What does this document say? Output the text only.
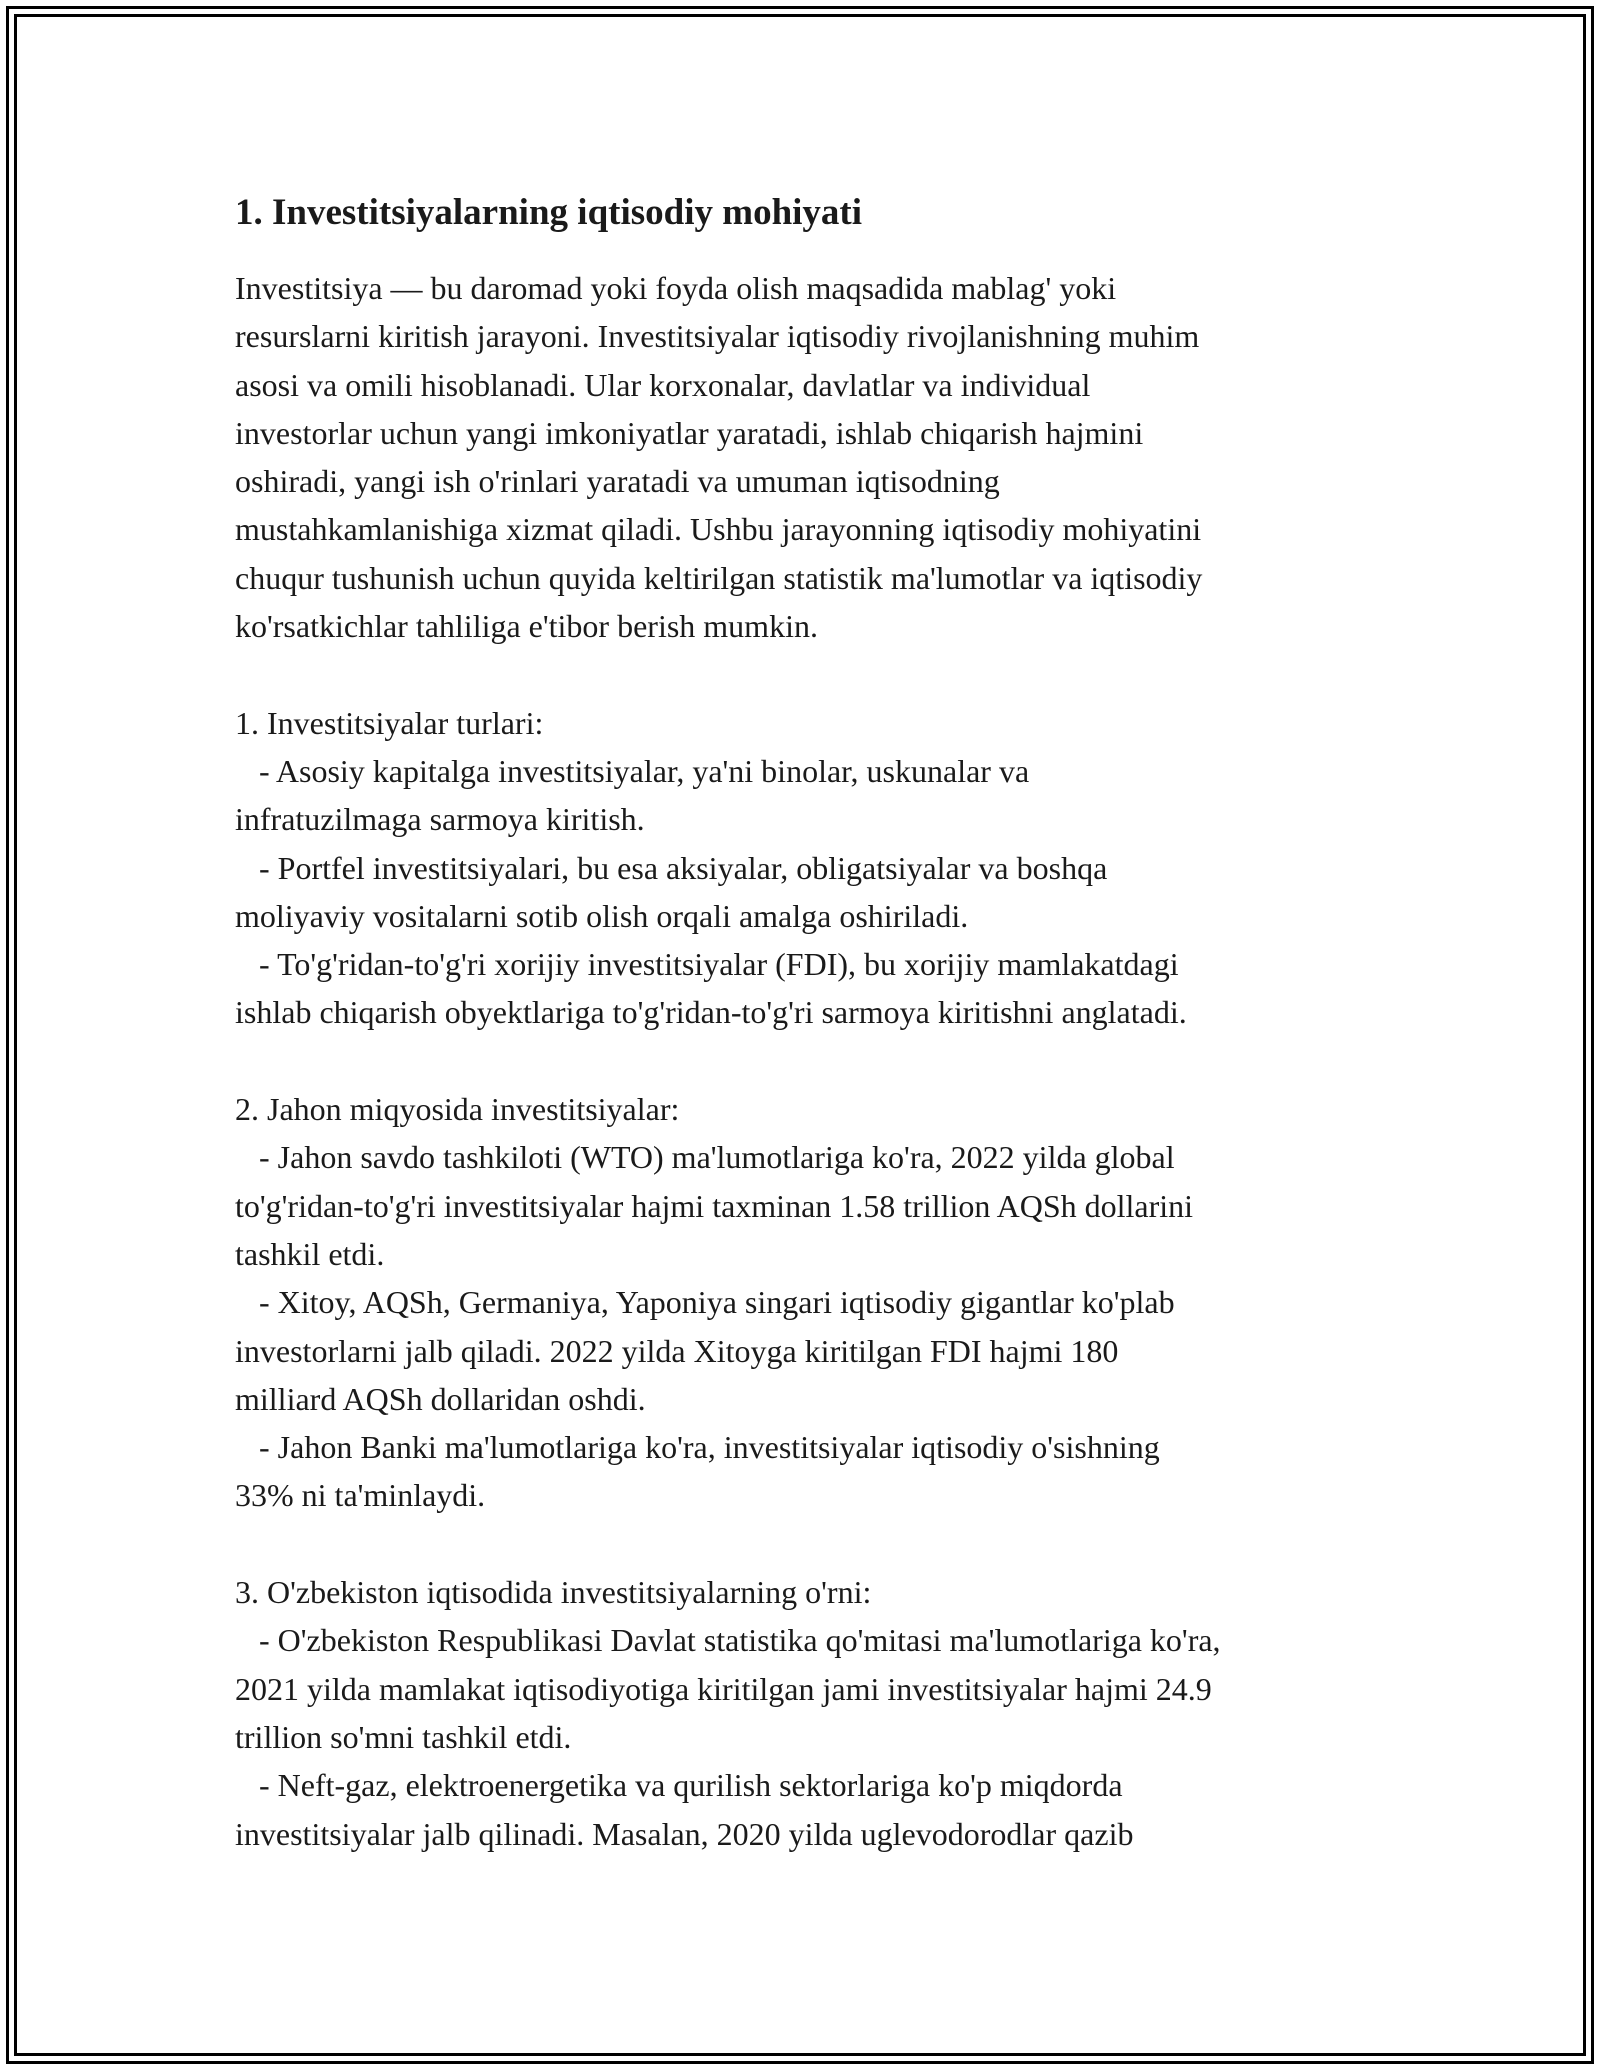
1. Investitsiyalarning iqtisodiy mohiyati
Investitsiya — bu daromad yoki foyda olish maqsadida mablag' yoki
resurslarni kiritish jarayoni. Investitsiyalar iqtisodiy rivojlanishning muhim
asosi va omili hisoblanadi. Ular korxonalar, davlatlar va individual
investorlar uchun yangi imkoniyatlar yaratadi, ishlab chiqarish hajmini
oshiradi, yangi ish o'rinlari yaratadi va umuman iqtisodning
mustahkamlanishiga xizmat qiladi. Ushbu jarayonning iqtisodiy mohiyatini
chuqur tushunish uchun quyida keltirilgan statistik ma'lumotlar va iqtisodiy
ko'rsatkichlar tahliliga e'tibor berish mumkin.
1. Investitsiyalar turlari:
- Asosiy kapitalga investitsiyalar, ya'ni binolar, uskunalar va
infratuzilmaga sarmoya kiritish.
- Portfel investitsiyalari, bu esa aksiyalar, obligatsiyalar va boshqa
moliyaviy vositalarni sotib olish orqali amalga oshiriladi.
- To'g'ridan-to'g'ri xorijiy investitsiyalar (FDI), bu xorijiy mamlakatdagi
ishlab chiqarish obyektlariga to'g'ridan-to'g'ri sarmoya kiritishni anglatadi.
2. Jahon miqyosida investitsiyalar:
- Jahon savdo tashkiloti (WTO) ma'lumotlariga ko'ra, 2022 yilda global
to'g'ridan-to'g'ri investitsiyalar hajmi taxminan 1.58 trillion AQSh dollarini
tashkil etdi.
- Xitoy, AQSh, Germaniya, Yaponiya singari iqtisodiy gigantlar ko'plab
investorlarni jalb qiladi. 2022 yilda Xitoyga kiritilgan FDI hajmi 180
milliard AQSh dollaridan oshdi.
- Jahon Banki ma'lumotlariga ko'ra, investitsiyalar iqtisodiy o'sishning
33% ni ta'minlaydi.
3. O'zbekiston iqtisodida investitsiyalarning o'rni:
- O'zbekiston Respublikasi Davlat statistika qo'mitasi ma'lumotlariga ko'ra,
2021 yilda mamlakat iqtisodiyotiga kiritilgan jami investitsiyalar hajmi 24.9
trillion so'mni tashkil etdi.
- Neft-gaz, elektroenergetika va qurilish sektorlariga ko'p miqdorda
investitsiyalar jalb qilinadi. Masalan, 2020 yilda uglevodorodlar qazib
